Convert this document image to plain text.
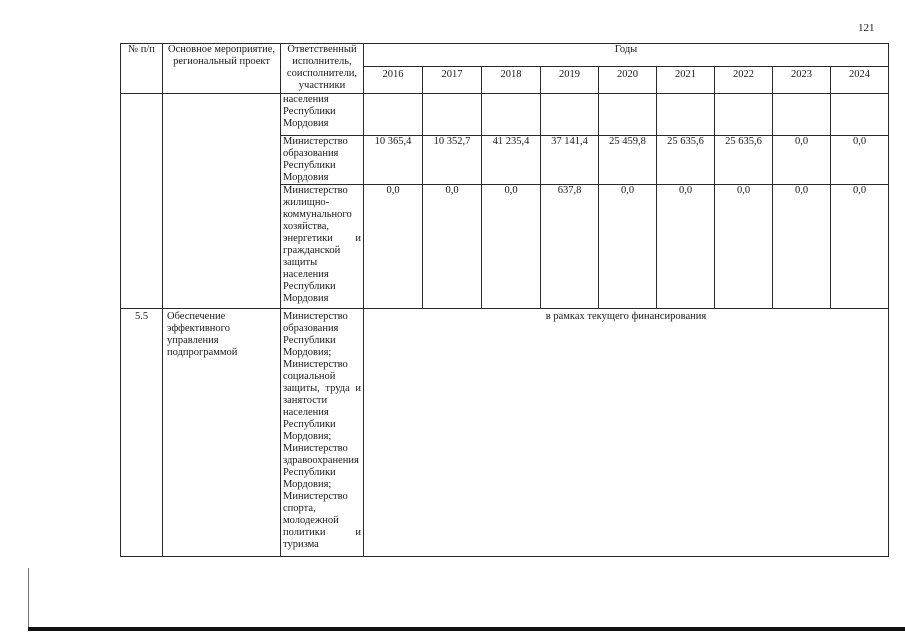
121
№ п/п	Основное мероприятие, региональный проект	Ответственный исполнитель, соисполнители, участники	Годы								
			2016	2017	2018	2019	2020	2021	2022	2023	2024
		населения Республики Мордовия									
		Министерство образования Республики Мордовия	10 365,4	10 352,7	41 235,4	37 141,4	25 459,8	25 635,6	25 635,6	0,0	0,0
		Министерство жилищно-коммунального хозяйства, энергетики и гражданской защиты населения Республики Мордовия	0,0	0,0	0,0	637,8	0,0	0,0	0,0	0,0	0,0
5.5	Обеспечение эффективного управления подпрограммой	Министерство образования Республики Мордовия; Министерство социальной защиты, труда и занятости населения Республики Мордовия; Министерство здравоохранения Республики Мордовия; Министерство спорта, молодежной политики и туризма	в рамках текущего финансирования								
